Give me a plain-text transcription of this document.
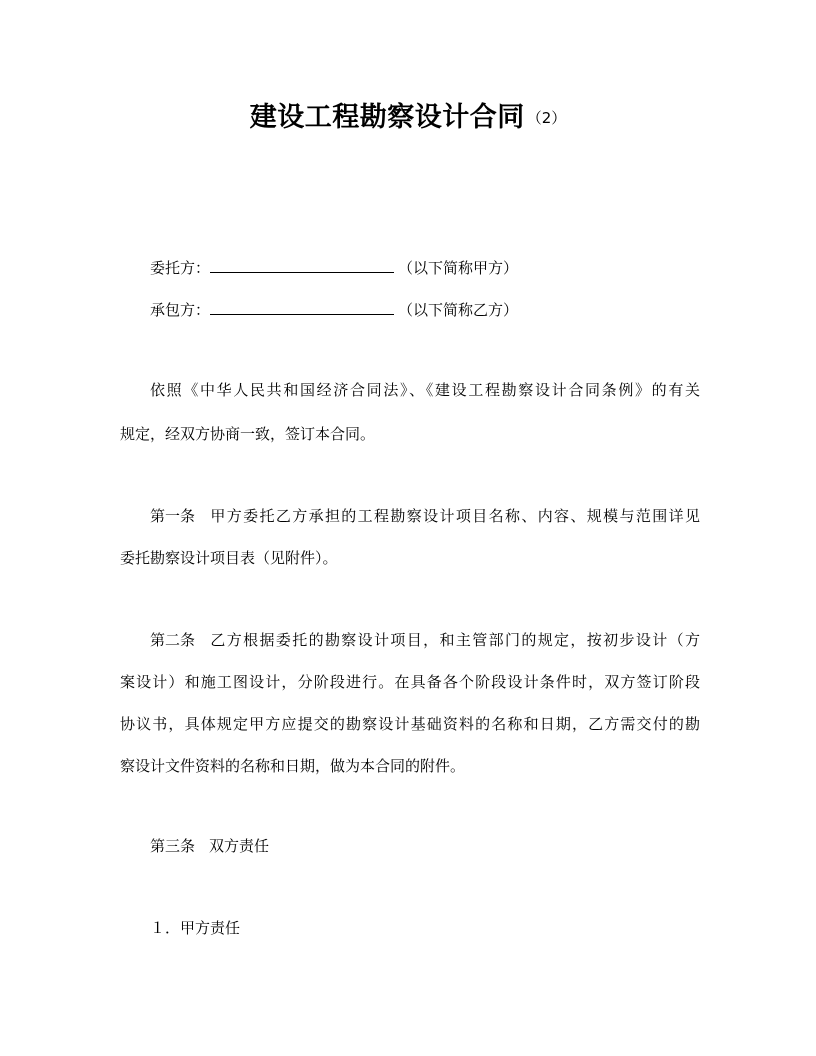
建设工程勘察设计合同 （2）
委托方：	（以下简称甲方）
承包方：	（以下简称乙方）
依照《中华人民共和国经济合同法》、《建设工程勘察设计合同条例》的有关
规定，经双方协商一致，签订本合同。
第一条 甲方委托乙方承担的工程勘察设计项目名称、内容、规模与范围详见
委托勘察设计项目表（见附件）。
第二条 乙方根据委托的勘察设计项目，和主管部门的规定，按初步设计（方
案设计）和施工图设计，分阶段进行。在具备各个阶段设计条件时，双方签订阶段
协议书，具体规定甲方应提交的勘察设计基础资料的名称和日期，乙方需交付的勘
察设计文件资料的名称和日期，做为本合同的附件。
第三条 双方责任
１．甲方责任
